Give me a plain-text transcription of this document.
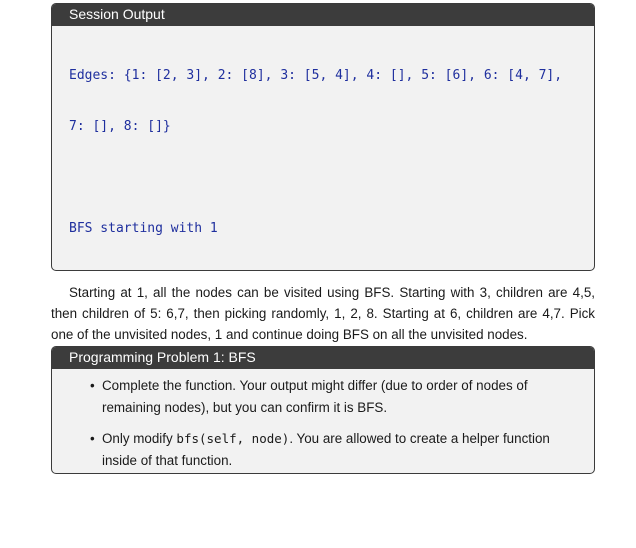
Session Output

Edges: {1: [2, 3], 2: [8], 3: [5, 4], 4: [], 5: [6], 6: [4, 7],

7: [], 8: []}

BFS starting with 1

Starting at 1, all the nodes can be visited using BFS. Starting with 3, children are 4,5, then children of 5: 6,7, then picking randomly, 1, 2, 8. Starting at 6, children are 4,7. Pick one of the unvisited nodes, 1 and continue doing BFS on all the unvisited nodes.

Programming Problem 1: BFS
• Complete the function. Your output might differ (due to order of nodes of remaining nodes), but you can confirm it is BFS.
• Only modify bfs(self, node). You are allowed to create a helper function inside of that function.
